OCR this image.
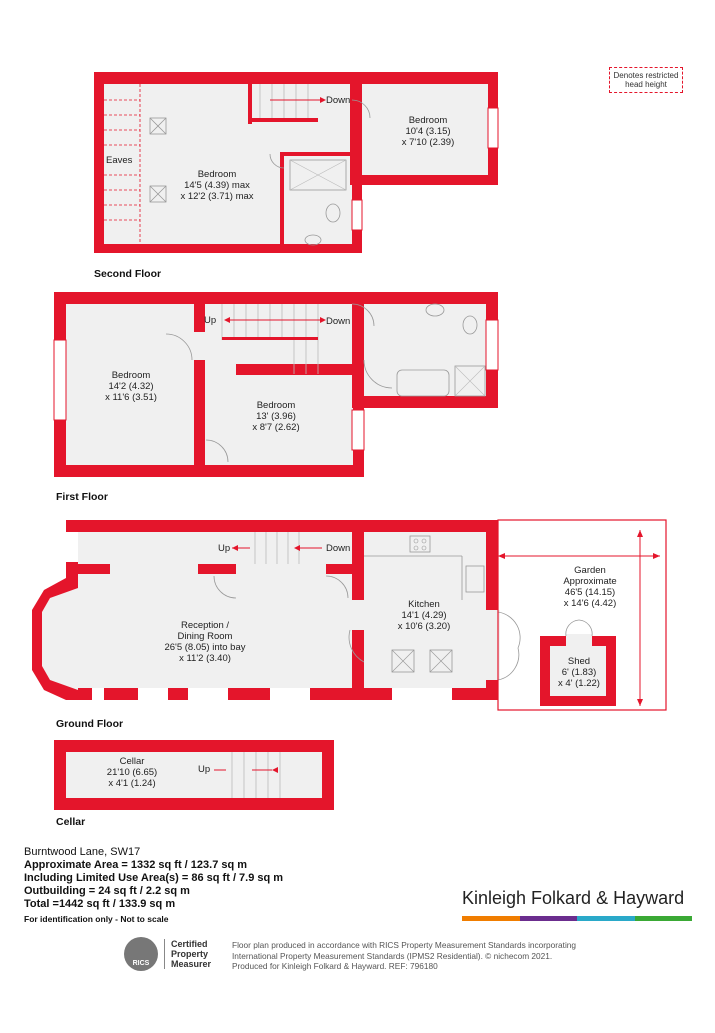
Denotes restricted
head height
Eaves
Down
Bedroom
14'5 (4.39) max
x 12'2 (3.71) max
Bedroom
10'4 (3.15)
x 7'10 (2.39)
Second Floor
Up	Down
Bedroom
14'2 (4.32)
x 11'6 (3.51)
Bedroom
13' (3.96)
x 8'7 (2.62)
First Floor
Up	Down
Reception /
Dining Room
26'5 (8.05) into bay
x 11'2 (3.40)
Kitchen
14'1 (4.29)
x 10'6 (3.20)
Garden
Approximate
46'5 (14.15)
x 14'6 (4.42)
Shed
6' (1.83)
x 4' (1.22)
Ground Floor
Up
Cellar
21'10 (6.65)
x 4'1 (1.24)
Cellar
Burntwood Lane, SW17
Approximate Area = 1332 sq ft / 123.7 sq m
Including Limited Use Area(s) = 86 sq ft / 7.9 sq m
Outbuilding = 24 sq ft / 2.2 sq m
Total =1442 sq ft / 133.9 sq m
For identification only - Not to scale
Kinleigh Folkard & Hayward
RICS
Certified
Property
Measurer
Floor plan produced in accordance with RICS Property Measurement Standards incorporating
International Property Measurement Standards (IPMS2 Residential). © nichecom 2021.
Produced for Kinleigh Folkard & Hayward. REF: 796180
